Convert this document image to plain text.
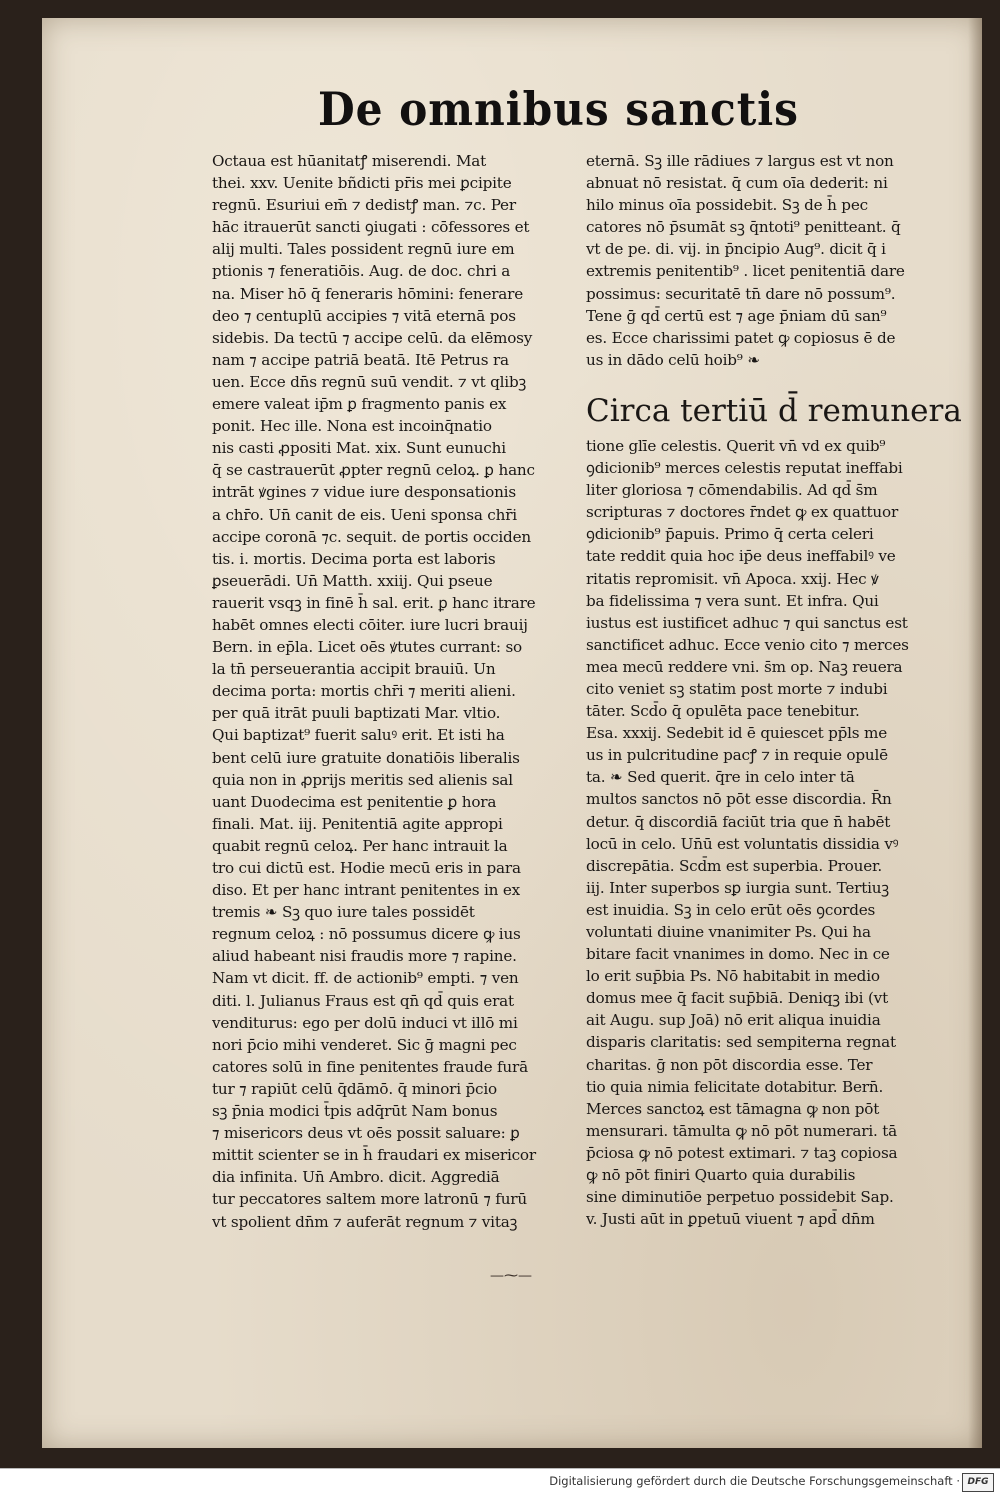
De omnibus sanctis
Octaua est hūanitatꝭ miserendi. Mat
thei. xxv. Uenite bñdicti pr̄is mei ꝑcipite
regnū. Esuriui em̄ ⁊ dedistꝭ man. ⁊c. Per
hāc itrauerūt sancti ꝯiugati : cōfessores et
alij multi. Tales possident regnū iure em
ptionis ⁊ feneratiōis. Aug. de doc. chri a
na. Miser hō q̄ feneraris hōmini: fenerare
deo ⁊ centuplū accipies ⁊ vitā eternā pos
sidebis. Da tectū ⁊ accipe celū. da elēmosy
nam ⁊ accipe patriā beatā. Itē Petrus ra
uen. Ecce dn̄s regnū suū vendit. ⁊ vt qlibꝫ
emere valeat ip̄m ꝑ fragmento panis ex
ponit. Hec ille. Nona est incoinq̄natio
nis casti ꝓpositi Mat. xix. Sunt eunuchi
q̄ se castrauerūt ꝓpter regnū celoꝝ. ꝑ hanc
intrāt ꝟgines ⁊ vidue iure desponsationis
a chr̄o. Un̄ canit de eis. Ueni sponsa chr̄i
accipe coronā ⁊c. sequit. de portis occiden
tis. i. mortis. Decima porta est laboris
ꝑseuerādi. Un̄ Matth. xxiij. Qui pseue
rauerit vsqꝫ in finē h̄ sal. erit. ꝑ hanc itrare
habēt omnes electi cōiter. iure lucri brauij
Bern. in ep̄la. Licet oēs ꝟtutes currant: so
la tn̄ perseuerantia accipit brauiū. Un
decima porta: mortis chr̄i ⁊ meriti alieni.
per quā itrāt puuli baptizati Mar. vltio.
Qui baptizat⁹ fuerit saluꝰ erit. Et isti ha
bent celū iure gratuite donatiōis liberalis
quia non in ꝓprijs meritis sed alienis sal
uant Duodecima est penitentie ꝑ hora
finali. Mat. iij. Penitentiā agite appropi
quabit regnū celoꝝ. Per hanc intrauit la
tro cui dictū est. Hodie mecū eris in para
diso. Et per hanc intrant penitentes in ex
tremis ❧ Sꝫ quo iure tales possidēt
regnum celoꝝ : nō possumus dicere ꝙ ius
aliud habeant nisi fraudis more ⁊ rapine.
Nam vt dicit. ff. de actionib⁹ empti. ⁊ ven
diti. l. Julianus Fraus est qn̄ qd̄ quis erat
venditurus: ego per dolū induci vt illō mi
nori p̄cio mihi venderet. Sic ḡ magni pec
catores solū in fine penitentes fraude furā
tur ⁊ rapiūt celū q̄dāmō. q̄ minori p̄cio
sꝫ p̄nia modici t̄pis adq̄rūt Nam bonus
⁊ misericors deus vt oēs possit saluare: ꝑ
mittit scienter se in h̄ fraudari ex misericor
dia infinita. Un̄ Ambro. dicit. Aggrediā
tur peccatores saltem more latronū ⁊ furū
vt spolient dn̄m ⁊ auferāt regnum ⁊ vitaꝫ
eternā. Sꝫ ille rādiues ⁊ largus est vt non
abnuat nō resistat. q̄ cum oīa dederit: ni
hilo minus oīa possidebit. Sꝫ de h̄ pec
catores nō p̄sumāt sꝫ q̄ntoti⁹ penitteant. q̄
vt de pe. di. vij. in p̄ncipio Aug⁹. dicit q̄ i
extremis penitentib⁹ . licet penitentiā dare
possimus: securitatē tn̄ dare nō possum⁹.
Tene ḡ qd̄ certū est ⁊ age p̄niam dū san⁹
es. Ecce charissimi patet ꝙ copiosus ē de
us in dādo celū hoib⁹ ❧
Circa tertiū d̄ remunera
tione glīe celestis. Querit vn̄ vd ex quib⁹
ꝯdicionib⁹ merces celestis reputat ineffabi
liter gloriosa ⁊ cōmendabilis. Ad qd̄ s̄m
scripturas ⁊ doctores r̄ndet ꝙ ex quattuor
ꝯdicionib⁹ p̄apuis. Primo q̄ certa celeri
tate reddit quia hoc ip̄e deus ineffabilꝰ ve
ritatis repromisit. vn̄ Apoca. xxij. Hec ꝟ
ba fidelissima ⁊ vera sunt. Et infra. Qui
iustus est iustificet adhuc ⁊ qui sanctus est
sanctificet adhuc. Ecce venio cito ⁊ merces
mea mecū reddere vni. s̄m op. Naꝫ reuera
cito veniet sꝫ statim post morte ⁊ indubi
tāter. Scd̄o q̄ opulēta pace tenebitur.
Esa. xxxij. Sedebit id ē quiescet pp̄ls me
us in pulcritudine pacꝭ ⁊ in requie opulē
ta. ❧ Sed querit. q̄re in celo inter tā
multos sanctos nō pōt esse discordia. R̄n
detur. q̄ discordiā faciūt tria que n̄ habēt
locū in celo. Un̄ū est voluntatis dissidia vꝰ
discrepātia. Scd̄m est superbia. Prouer.
iij. Inter superbos sꝑ iurgia sunt. Tertiuꝫ
est inuidia. Sꝫ in celo erūt oēs ꝯcordes
voluntati diuine vnanimiter Ps. Qui ha
bitare facit vnanimes in domo. Nec in ce
lo erit sup̄bia Ps. Nō habitabit in medio
domus mee q̄ facit sup̄biā. Deniqꝫ ibi (vt
ait Augu. sup Joā) nō erit aliqua inuidia
disparis claritatis: sed sempiterna regnat
charitas. ḡ non pōt discordia esse. Ter
tio quia nimia felicitate dotabitur. Bern̄.
Merces sanctoꝝ est tāmagna ꝙ non pōt
mensurari. tāmulta ꝙ nō pōt numerari. tā
p̄ciosa ꝙ nō potest extimari. ⁊ taꝫ copiosa
ꝙ nō pōt finiri Quarto quia durabilis
sine diminutiōe perpetuo possidebit Sap.
v. Justi aūt in ꝑpetuū viuent ⁊ apd̄ dn̄m
—⁓—
Digitalisierung gefördert durch die Deutsche Forschungsgemeinschaft · DFG
